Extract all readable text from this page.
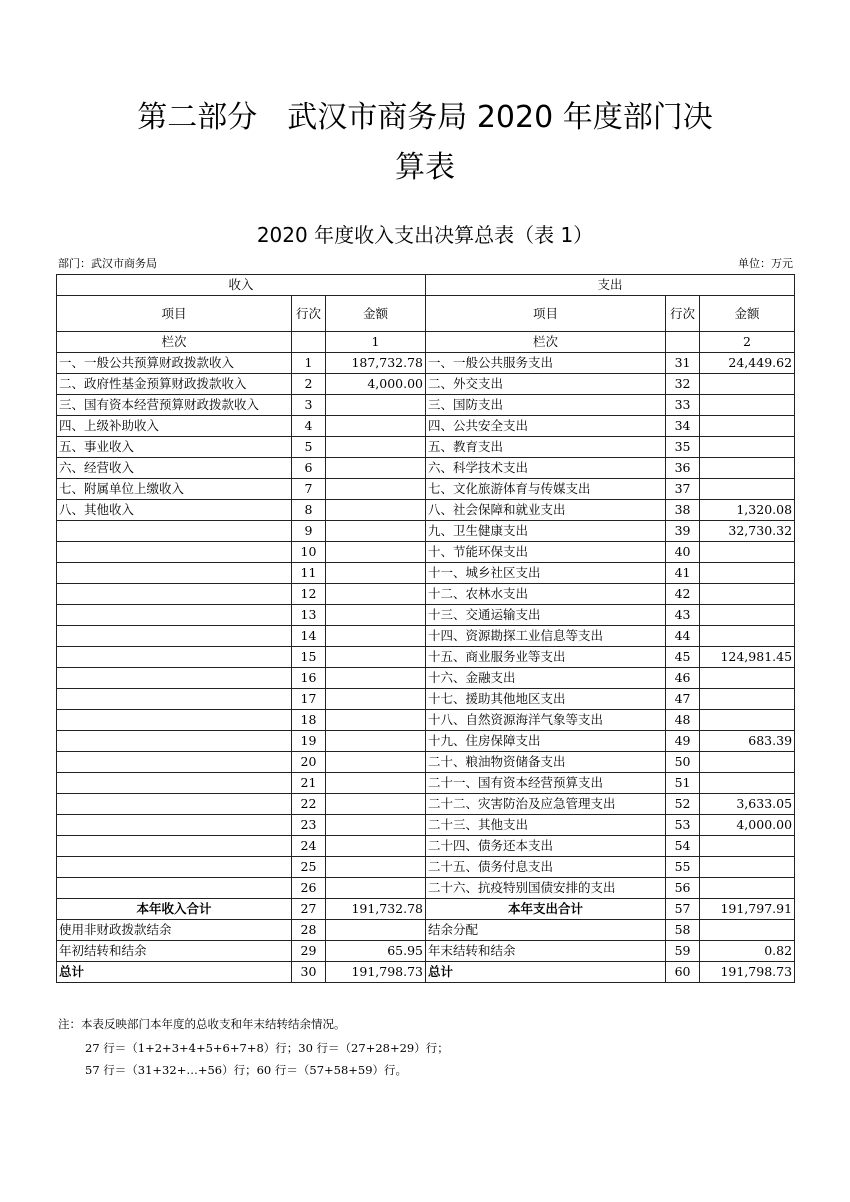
第二部分　武汉市商务局 2020 年度部门决
算表
2020 年度收入支出决算总表（表 1）
部门：武汉市商务局	单位：万元
收入			支出		
项目	行次	金额	项目	行次	金额
栏次		1	栏次		2
一、一般公共预算财政拨款收入	1	187,732.78	一、一般公共服务支出	31	24,449.62
二、政府性基金预算财政拨款收入	2	4,000.00	二、外交支出	32	
三、国有资本经营预算财政拨款收入	3		三、国防支出	33	
四、上级补助收入	4		四、公共安全支出	34	
五、事业收入	5		五、教育支出	35	
六、经营收入	6		六、科学技术支出	36	
七、附属单位上缴收入	7		七、文化旅游体育与传媒支出	37	
八、其他收入	8		八、社会保障和就业支出	38	1,320.08
	9		九、卫生健康支出	39	32,730.32
	10		十、节能环保支出	40	
	11		十一、城乡社区支出	41	
	12		十二、农林水支出	42	
	13		十三、交通运输支出	43	
	14		十四、资源勘探工业信息等支出	44	
	15		十五、商业服务业等支出	45	124,981.45
	16		十六、金融支出	46	
	17		十七、援助其他地区支出	47	
	18		十八、自然资源海洋气象等支出	48	
	19		十九、住房保障支出	49	683.39
	20		二十、粮油物资储备支出	50	
	21		二十一、国有资本经营预算支出	51	
	22		二十二、灾害防治及应急管理支出	52	3,633.05
	23		二十三、其他支出	53	4,000.00
	24		二十四、债务还本支出	54	
	25		二十五、债务付息支出	55	
	26		二十六、抗疫特别国债安排的支出	56	
本年收入合计	27	191,732.78	本年支出合计	57	191,797.91
使用非财政拨款结余	28		结余分配	58	
年初结转和结余	29	65.95	年末结转和结余	59	0.82
总计	30	191,798.73	总计	60	191,798.73
注：本表反映部门本年度的总收支和年末结转结余情况。
27 行＝（1+2+3+4+5+6+7+8）行；30 行＝（27+28+29）行；
57 行＝（31+32+…+56）行；60 行＝（57+58+59）行。
